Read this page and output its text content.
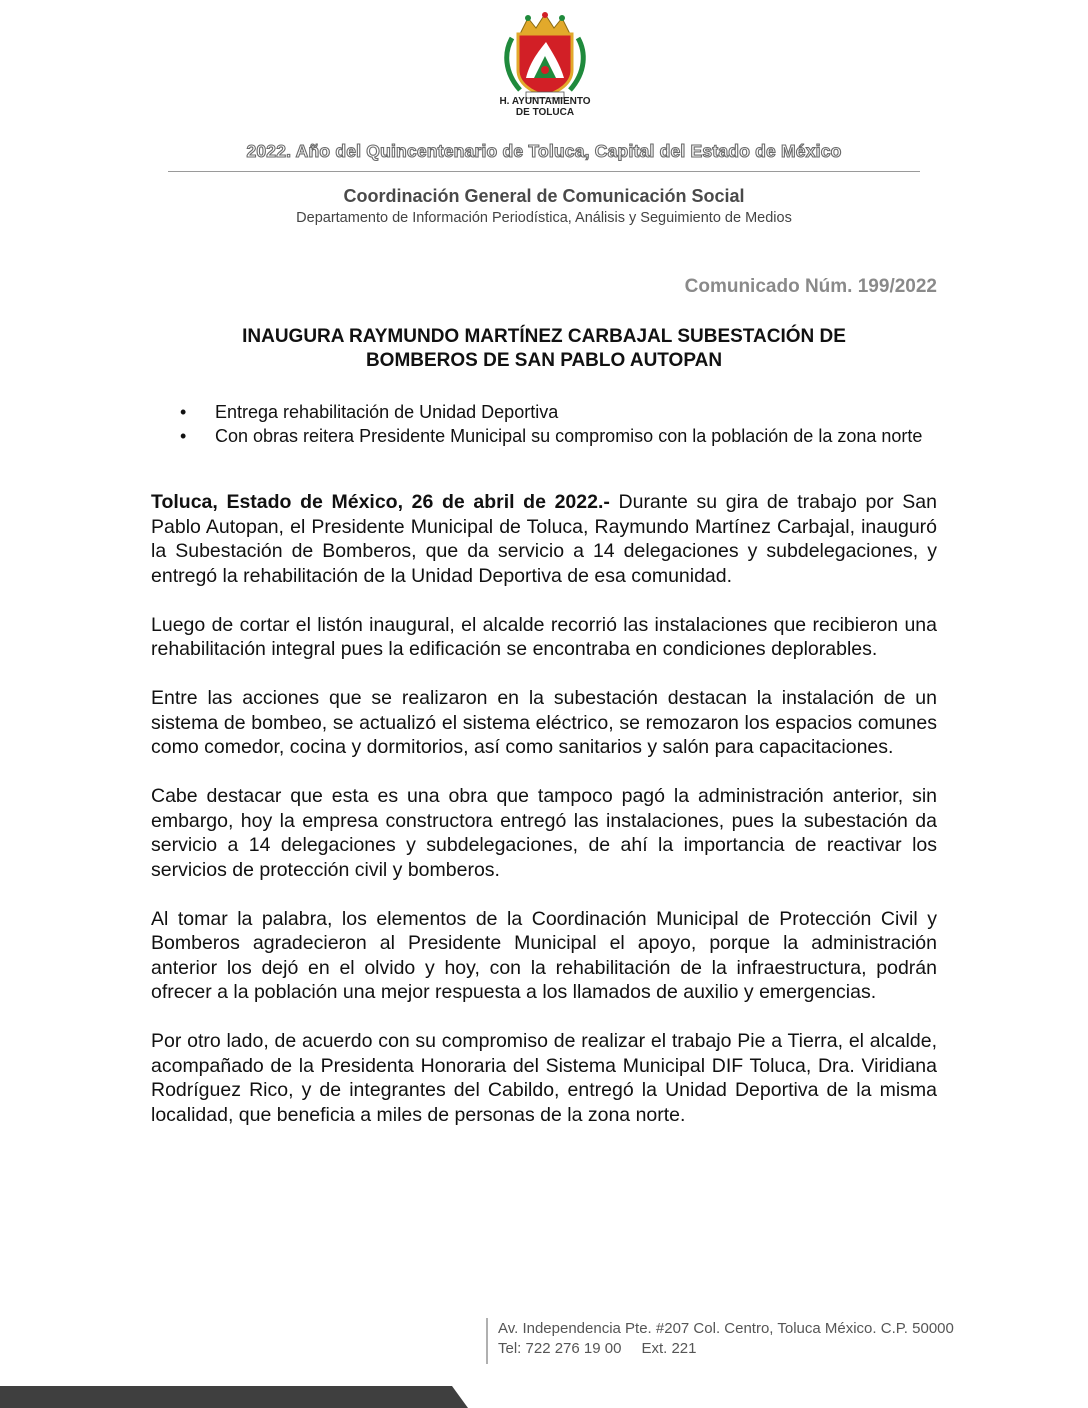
H. AYUNTAMIENTO
DE TOLUCA
2022. Año del Quincentenario de Toluca, Capital del Estado de México
Coordinación General de Comunicación Social
Departamento de Información Periodística, Análisis y Seguimiento de Medios
Comunicado Núm. 199/2022
INAUGURA RAYMUNDO MARTÍNEZ CARBAJAL SUBESTACIÓN DE
BOMBEROS DE SAN PABLO AUTOPAN
• Entrega rehabilitación de Unidad Deportiva
• Con obras reitera Presidente Municipal su compromiso con la población de la zona norte

Toluca, Estado de México, 26 de abril de 2022.- Durante su gira de trabajo por San Pablo Autopan, el Presidente Municipal de Toluca, Raymundo Martínez Carbajal, inauguró la Subestación de Bomberos, que da servicio a 14 delegaciones y subdelegaciones, y entregó la rehabilitación de la Unidad Deportiva de esa comunidad.

Luego de cortar el listón inaugural, el alcalde recorrió las instalaciones que recibieron una rehabilitación integral pues la edificación se encontraba en condiciones deplorables.

Entre las acciones que se realizaron en la subestación destacan la instalación de un sistema de bombeo, se actualizó el sistema eléctrico, se remozaron los espacios comunes como comedor, cocina y dormitorios, así como sanitarios y salón para capacitaciones.

Cabe destacar que esta es una obra que tampoco pagó la administración anterior, sin embargo, hoy la empresa constructora entregó las instalaciones, pues la subestación da servicio a 14 delegaciones y subdelegaciones, de ahí la importancia de reactivar los servicios de protección civil y bomberos.

Al tomar la palabra, los elementos de la Coordinación Municipal de Protección Civil y Bomberos agradecieron al Presidente Municipal el apoyo, porque la administración anterior los dejó en el olvido y hoy, con la rehabilitación de la infraestructura, podrán ofrecer a la población una mejor respuesta a los llamados de auxilio y emergencias.

Por otro lado, de acuerdo con su compromiso de realizar el trabajo Pie a Tierra, el alcalde, acompañado de la Presidenta Honoraria del Sistema Municipal DIF Toluca, Dra. Viridiana Rodríguez Rico, y de integrantes del Cabildo, entregó la Unidad Deportiva de la misma localidad, que beneficia a miles de personas de la zona norte.

Av. Independencia Pte. #207 Col. Centro, Toluca México. C.P. 50000
Tel: 722 276 19 00 Ext. 221
